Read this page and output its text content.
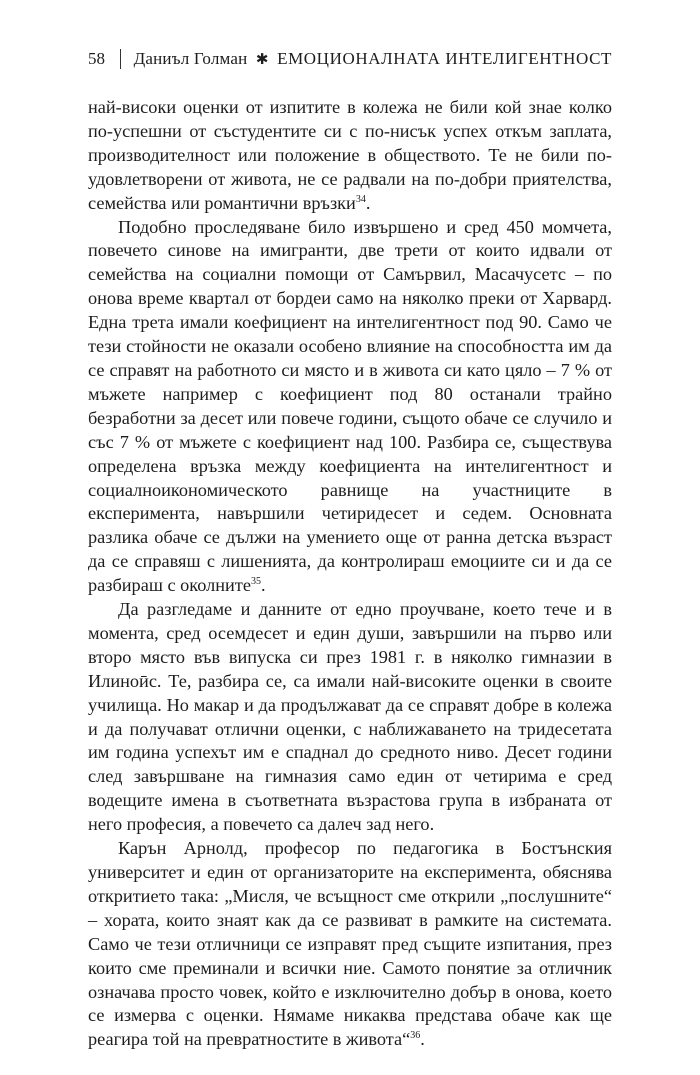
58 Даниъл Голман ✱ ЕМОЦИОНАЛНАТА ИНТЕЛИГЕНТНОСТ

най-високи оценки от изпитите в колежа не били кой знае колко по-успешни от състудентите си с по-нисък успех откъм заплата, производителност или положение в обществото. Те не били поудовлетворени от живота, не се радвали на по-добри приятелства, семейства или романтични връзки$^{34}$.

Подобно проследяване било извършено и сред 450 момчета, повечето синове на имигранти, две трети от които идвали от семейства на социални помощи от Самървил, Масачусетс – по онова време квартал от бордеи само на няколко преки от Харвард. Една трета имали коефициент на интелигентност под 90. Само че тези стойности не оказали особено влияние на способността им да се справят на работното си място и в живота си като цяло – 7 % от мъжете например с коефициент под 80 останали трайно безработни за десет или повече години, същото обаче се случило и със 7 % от мъжете с коефициент над 100. Разбира се, съществува определена връзка между коефициента на интелигентност и социалноикономическото равнище на участниците в експеримента, навършили четиридесет и седем. Основната разлика обаче се дължи на умението още от ранна детска възраст да се справяш с лишенията, да контролираш емоциите си и да се разбираш с околните$^{35}$.

Да разгледаме и данните от едно проучване, което тече и в момента, сред осемдесет и един души, завършили на първо или второ място във випуска си през 1981 г. в няколко гимназии в Илиноӣс. Те, разбира се, са имали най-високите оценки в своите училища. Но макар и да продължават да се справят добре в колежа и да получават отлични оценки, с наближаването на тридесетата им година успехът им е спаднал до средното ниво. Десет години след завършване на гимназия само един от четирима е сред водещите имена в съответната възрастова група в избраната от него професия, а повечето са далеч зад него.

Карън Арнолд, професор по педагогика в Бостънския университет и един от организаторите на експеримента, обяснява откритието така: „Мисля, че всъщност сме открили „послушните“ – хората, които знаят как да се развиват в рамките на системата. Само че тези отличници се изправят пред същите изпитания, през които сме преминали и всички ние. Самото понятие за отличник означава просто човек, който е изключително добър в онова, което се измерва с оценки. Нямаме никаква представа обаче как ще реагира той на превратностите в живота“$^{36}$.
